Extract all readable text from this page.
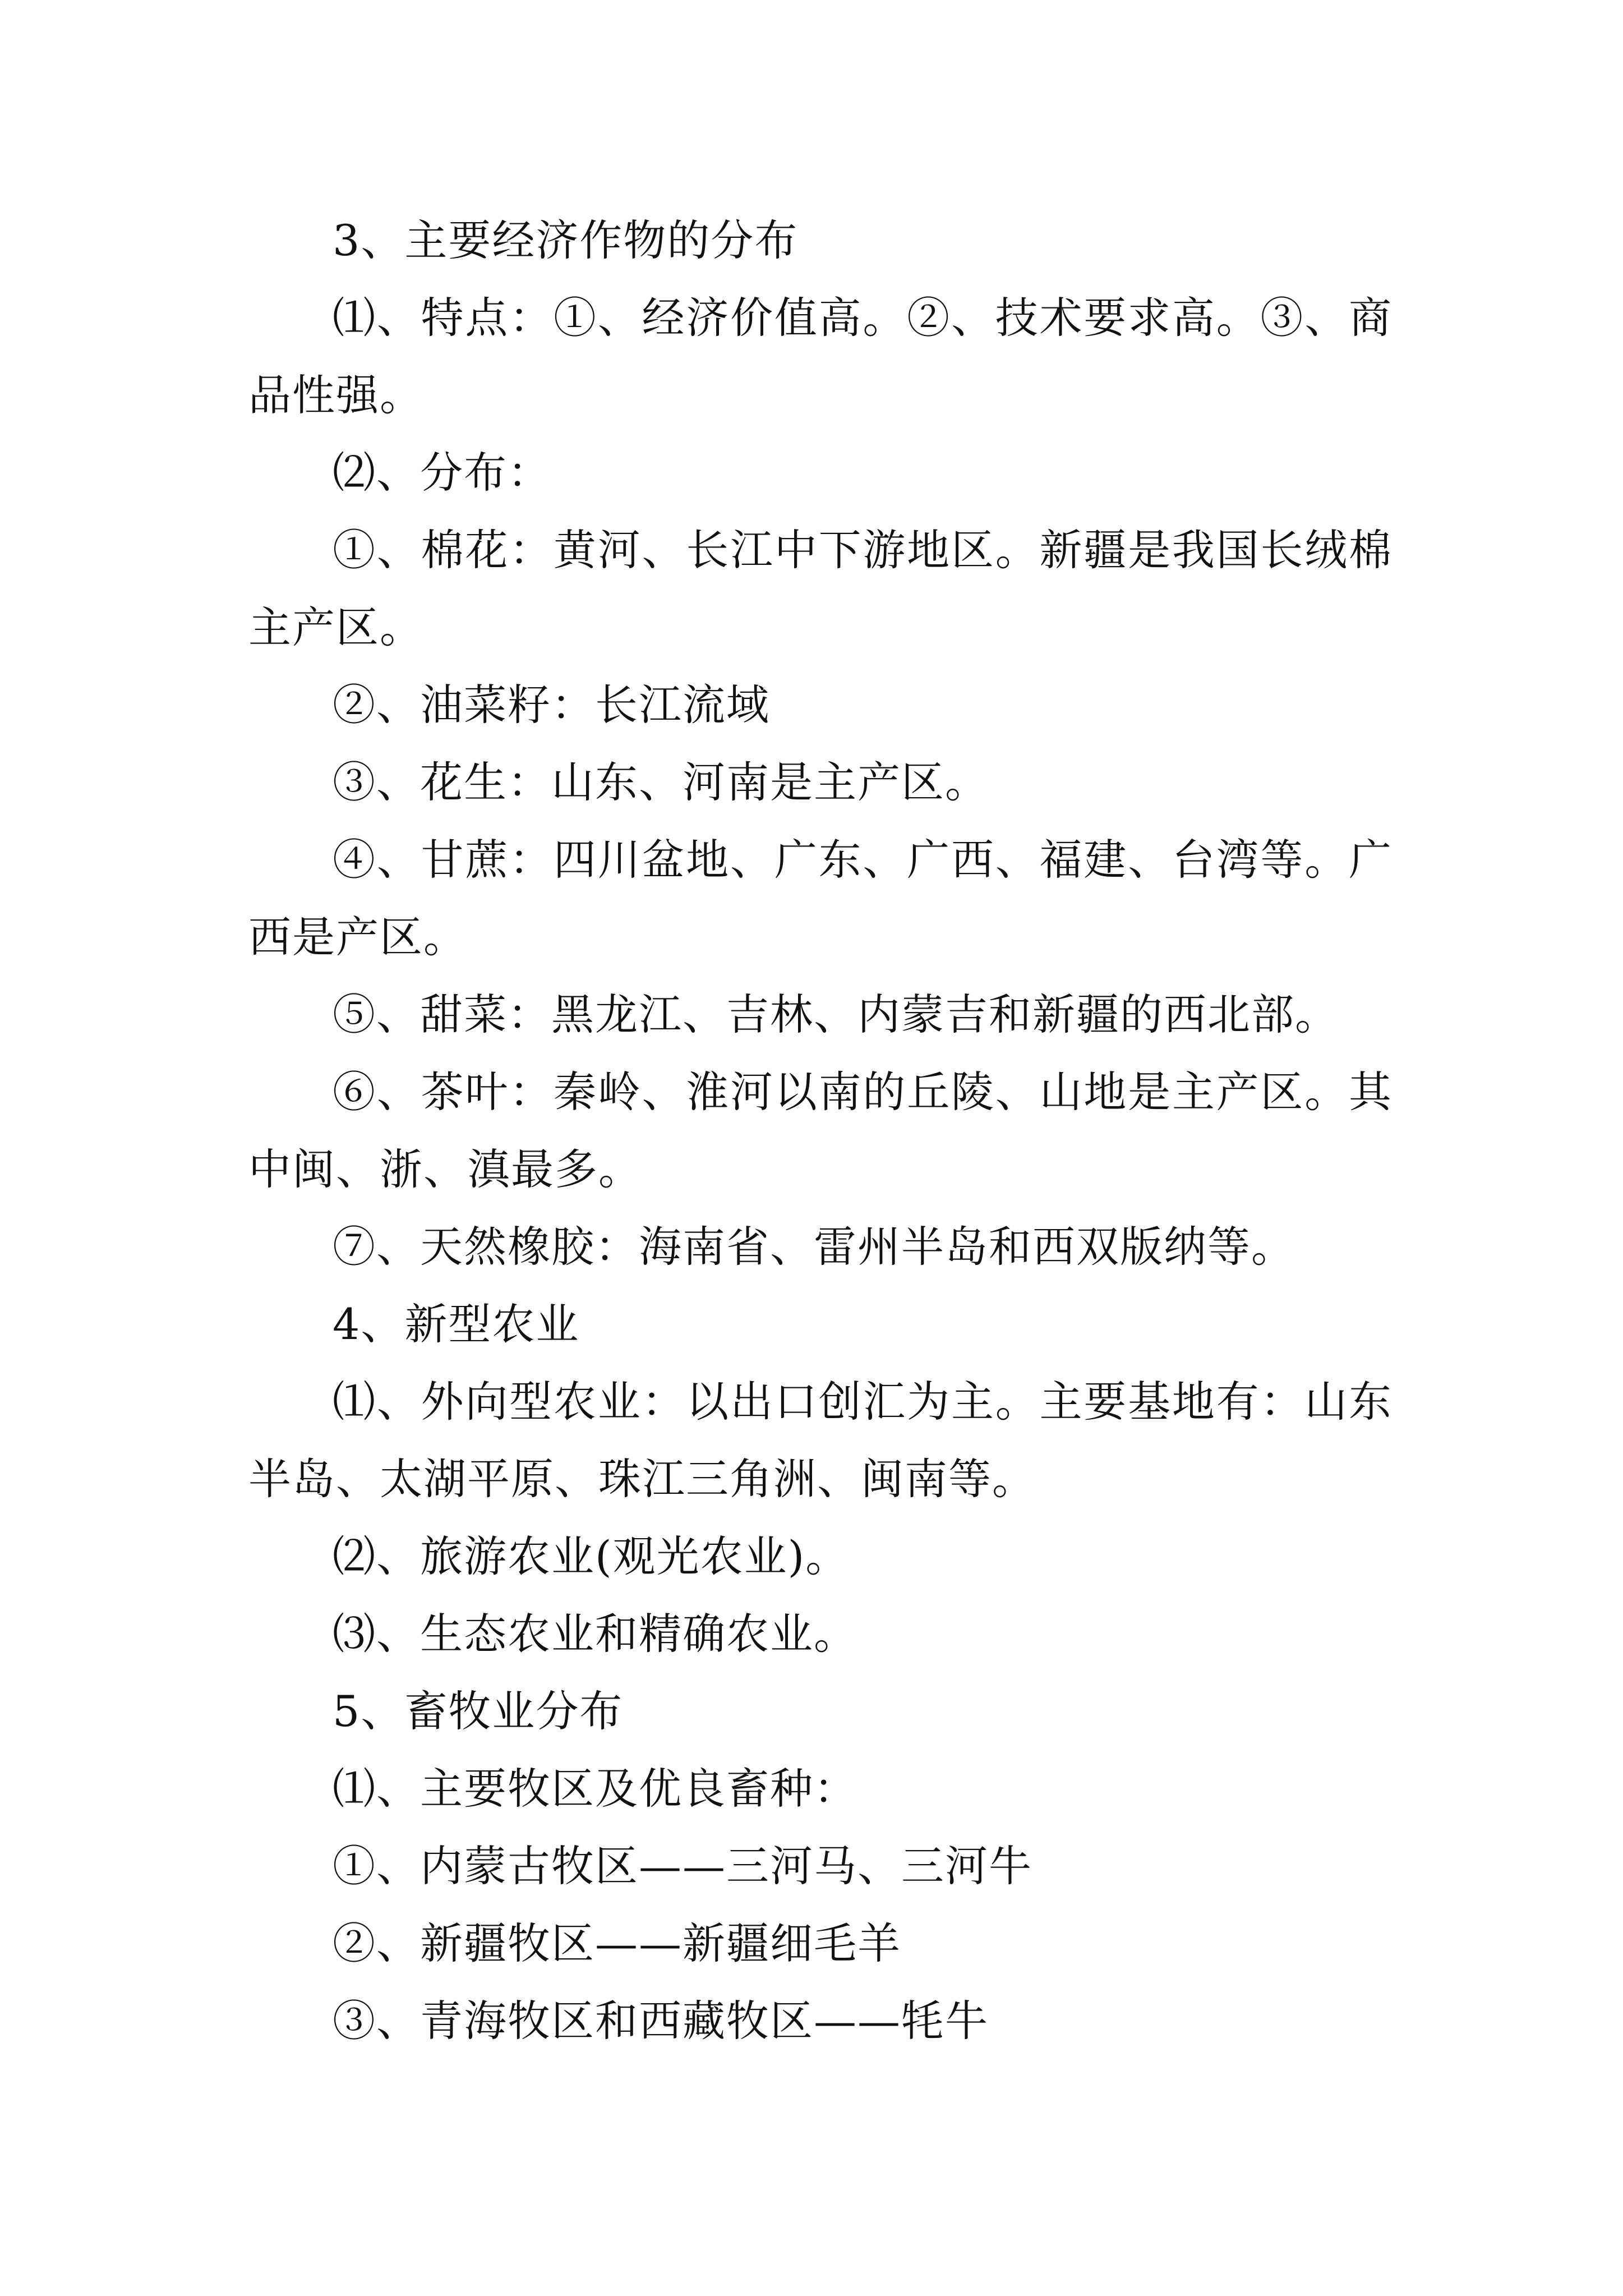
3、主要经济作物的分布

⑴、特点：①、经济价值高。②、技术要求高。③、商品性强。

⑵、分布：

①、棉花：黄河、长江中下游地区。新疆是我国长绒棉主产区。

②、油菜籽：长江流域

③、花生：山东、河南是主产区。

④、甘蔗：四川盆地、广东、广西、福建、台湾等。广西是产区。

⑤、甜菜：黑龙江、吉林、内蒙吉和新疆的西北部。

⑥、茶叶：秦岭、淮河以南的丘陵、山地是主产区。其中闽、浙、滇最多。

⑦、天然橡胶：海南省、雷州半岛和西双版纳等。

4、新型农业

⑴、外向型农业：以出口创汇为主。主要基地有：山东半岛、太湖平原、珠江三角洲、闽南等。

⑵、旅游农业(观光农业)。

⑶、生态农业和精确农业。

5、畜牧业分布

⑴、主要牧区及优良畜种：

①、内蒙古牧区——三河马、三河牛

②、新疆牧区——新疆细毛羊

③、青海牧区和西藏牧区——牦牛
